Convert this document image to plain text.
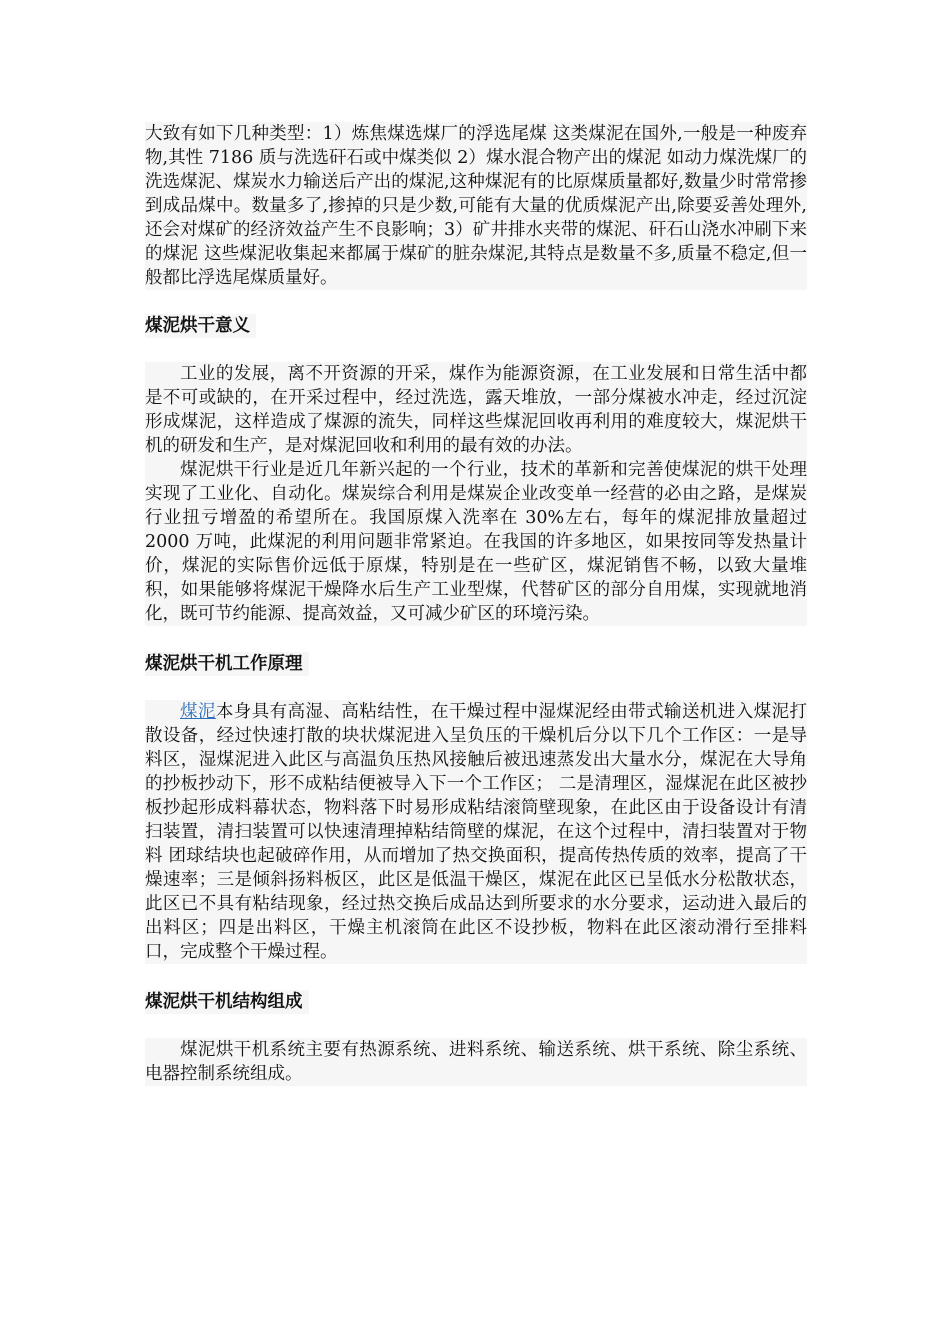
大致有如下几种类型：1）炼焦煤选煤厂的浮选尾煤 这类煤泥在国外,一般是一种废弃物,其性 7186 质与洗选矸石或中煤类似 2）煤水混合物产出的煤泥 如动力煤洗煤厂的洗选煤泥、煤炭水力输送后产出的煤泥,这种煤泥有的比原煤质量都好,数量少时常常掺到成品煤中。数量多了,掺掉的只是少数,可能有大量的优质煤泥产出,除要妥善处理外,还会对煤矿的经济效益产生不良影响；3）矿井排水夹带的煤泥、矸石山浇水冲刷下来的煤泥 这些煤泥收集起来都属于煤矿的脏杂煤泥,其特点是数量不多,质量不稳定,但一般都比浮选尾煤质量好。

煤泥烘干意义

工业的发展，离不开资源的开采，煤作为能源资源，在工业发展和日常生活中都是不可或缺的，在开采过程中，经过洗选，露天堆放，一部分煤被水冲走，经过沉淀形成煤泥，这样造成了煤源的流失，同样这些煤泥回收再利用的难度较大，煤泥烘干机的研发和生产，是对煤泥回收和利用的最有效的办法。

煤泥烘干行业是近几年新兴起的一个行业，技术的革新和完善使煤泥的烘干处理实现了工业化、自动化。煤炭综合利用是煤炭企业改变单一经营的必由之路，是煤炭行业扭亏增盈的希望所在。我国原煤入洗率在 30%左右，每年的煤泥排放量超过 2000 万吨，此煤泥的利用问题非常紧迫。在我国的许多地区，如果按同等发热量计价，煤泥的实际售价远低于原煤，特别是在一些矿区，煤泥销售不畅，以致大量堆积，如果能够将煤泥干燥降水后生产工业型煤，代替矿区的部分自用煤，实现就地消化，既可节约能源、提高效益，又可减少矿区的环境污染。

煤泥烘干机工作原理

煤泥本身具有高湿、高粘结性，在干燥过程中湿煤泥经由带式输送机进入煤泥打散设备，经过快速打散的块状煤泥进入呈负压的干燥机后分以下几个工作区：一是导料区，湿煤泥进入此区与高温负压热风接触后被迅速蒸发出大量水分，煤泥在大导角的抄板抄动下，形不成粘结便被导入下一个工作区； 二是清理区，湿煤泥在此区被抄板抄起形成料幕状态，物料落下时易形成粘结滚筒壁现象，在此区由于设备设计有清扫装置，清扫装置可以快速清理掉粘结筒壁的煤泥，在这个过程中，清扫装置对于物料 团球结块也起破碎作用，从而增加了热交换面积，提高传热传质的效率，提高了干燥速率；三是倾斜扬料板区，此区是低温干燥区，煤泥在此区已呈低水分松散状态，此区已不具有粘结现象，经过热交换后成品达到所要求的水分要求，运动进入最后的出料区；四是出料区，干燥主机滚筒在此区不设抄板，物料在此区滚动滑行至排料口，完成整个干燥过程。

煤泥烘干机结构组成

煤泥烘干机系统主要有热源系统、进料系统、输送系统、烘干系统、除尘系统、电器控制系统组成。
